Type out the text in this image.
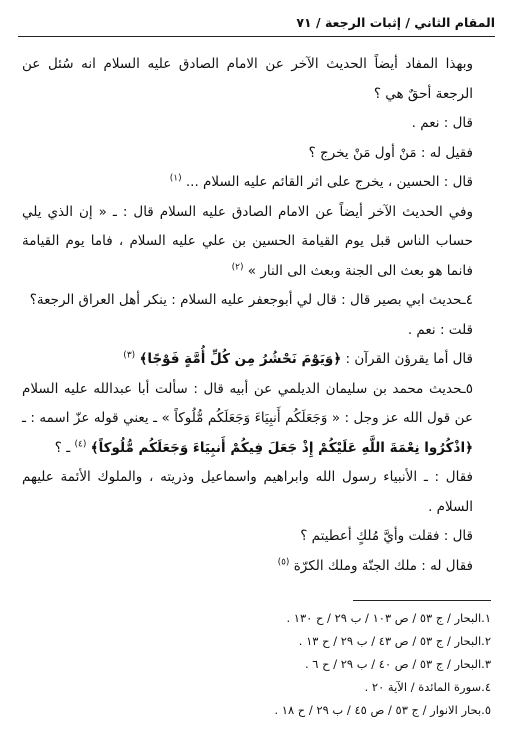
المقام الثاني / إثبات الرجعة / ٧١

وبهذا المفاد أيضاً الحديث الآخر عن الامام الصادق عليه السلام انه سُئل عن الرجعة أحقٌ هي ؟

قال : نعم .

فقيل له : مَنْ أول مَنْ يخرج ؟

قال : الحسين ، يخرج على اثر القائم عليه السلام ... $^{(١)}$

وفي الحديث الآخر أيضاً عن الامام الصادق عليه السلام قال : ـ « إن الذي يلي حساب الناس قبل يوم القيامة الحسين بن علي عليه السلام ، فاما يوم القيامة فانما هو بعث الى الجنة وبعث الى النار » $^{(٢)}$

٤ـحديث ابي بصير قال : قال لي أبوجعفر عليه السلام : ينكر أهل العراق الرجعة؟

قلت : نعم .

قال أما يقرؤن القرآن : ﴿وَيَوْمَ نَحْشُرُ مِن كُلِّ أُمَّةٍ فَوْجًا﴾ $^{(٣)}$

٥ـحديث محمد بن سليمان الديلمي عن أبيه قال : سألت أبا عبدالله عليه السلام عن قول الله عز وجل : « وَجَعَلَكُم أَنبِيَاءَ وَجَعَلَكُم مُّلُوكاً » ـ يعني قوله عزّ اسمه : ـ ﴿اذْكُرُوا نِعْمَةَ اللَّهِ عَلَيْكُمْ إِذْ جَعَلَ فِيكُمْ أَنبِيَاءَ وَجَعَلَكُم مُّلُوكاً﴾ $^{(٤)}$ ـ ؟

فقال : ـ الأنبياء رسول الله وابراهيم واسماعيل وذريته ، والملوك الأئمة عليهم السلام .

قال : فقلت وأيَّ مُلكٍ أعطيتم ؟

فقال له : ملك الجنّة وملك الكرّة $^{(٥)}$

١.البحار / ج ٥٣ / ص ١٠٣ / ب ٢٩ / ح ١٣٠ .
٢.البحار / ج ٥٣ / ص ٤٣ / ب ٢٩ / ح ١٣ .
٣.البحار / ج ٥٣ / ص ٤٠ / ب ٢٩ / ح ٦ .
٤.سورة المائدة / الآية ٢٠ .
٥.بحار الانوار / ج ٥٣ / ص ٤٥ / ب ٢٩ / ح ١٨ .
